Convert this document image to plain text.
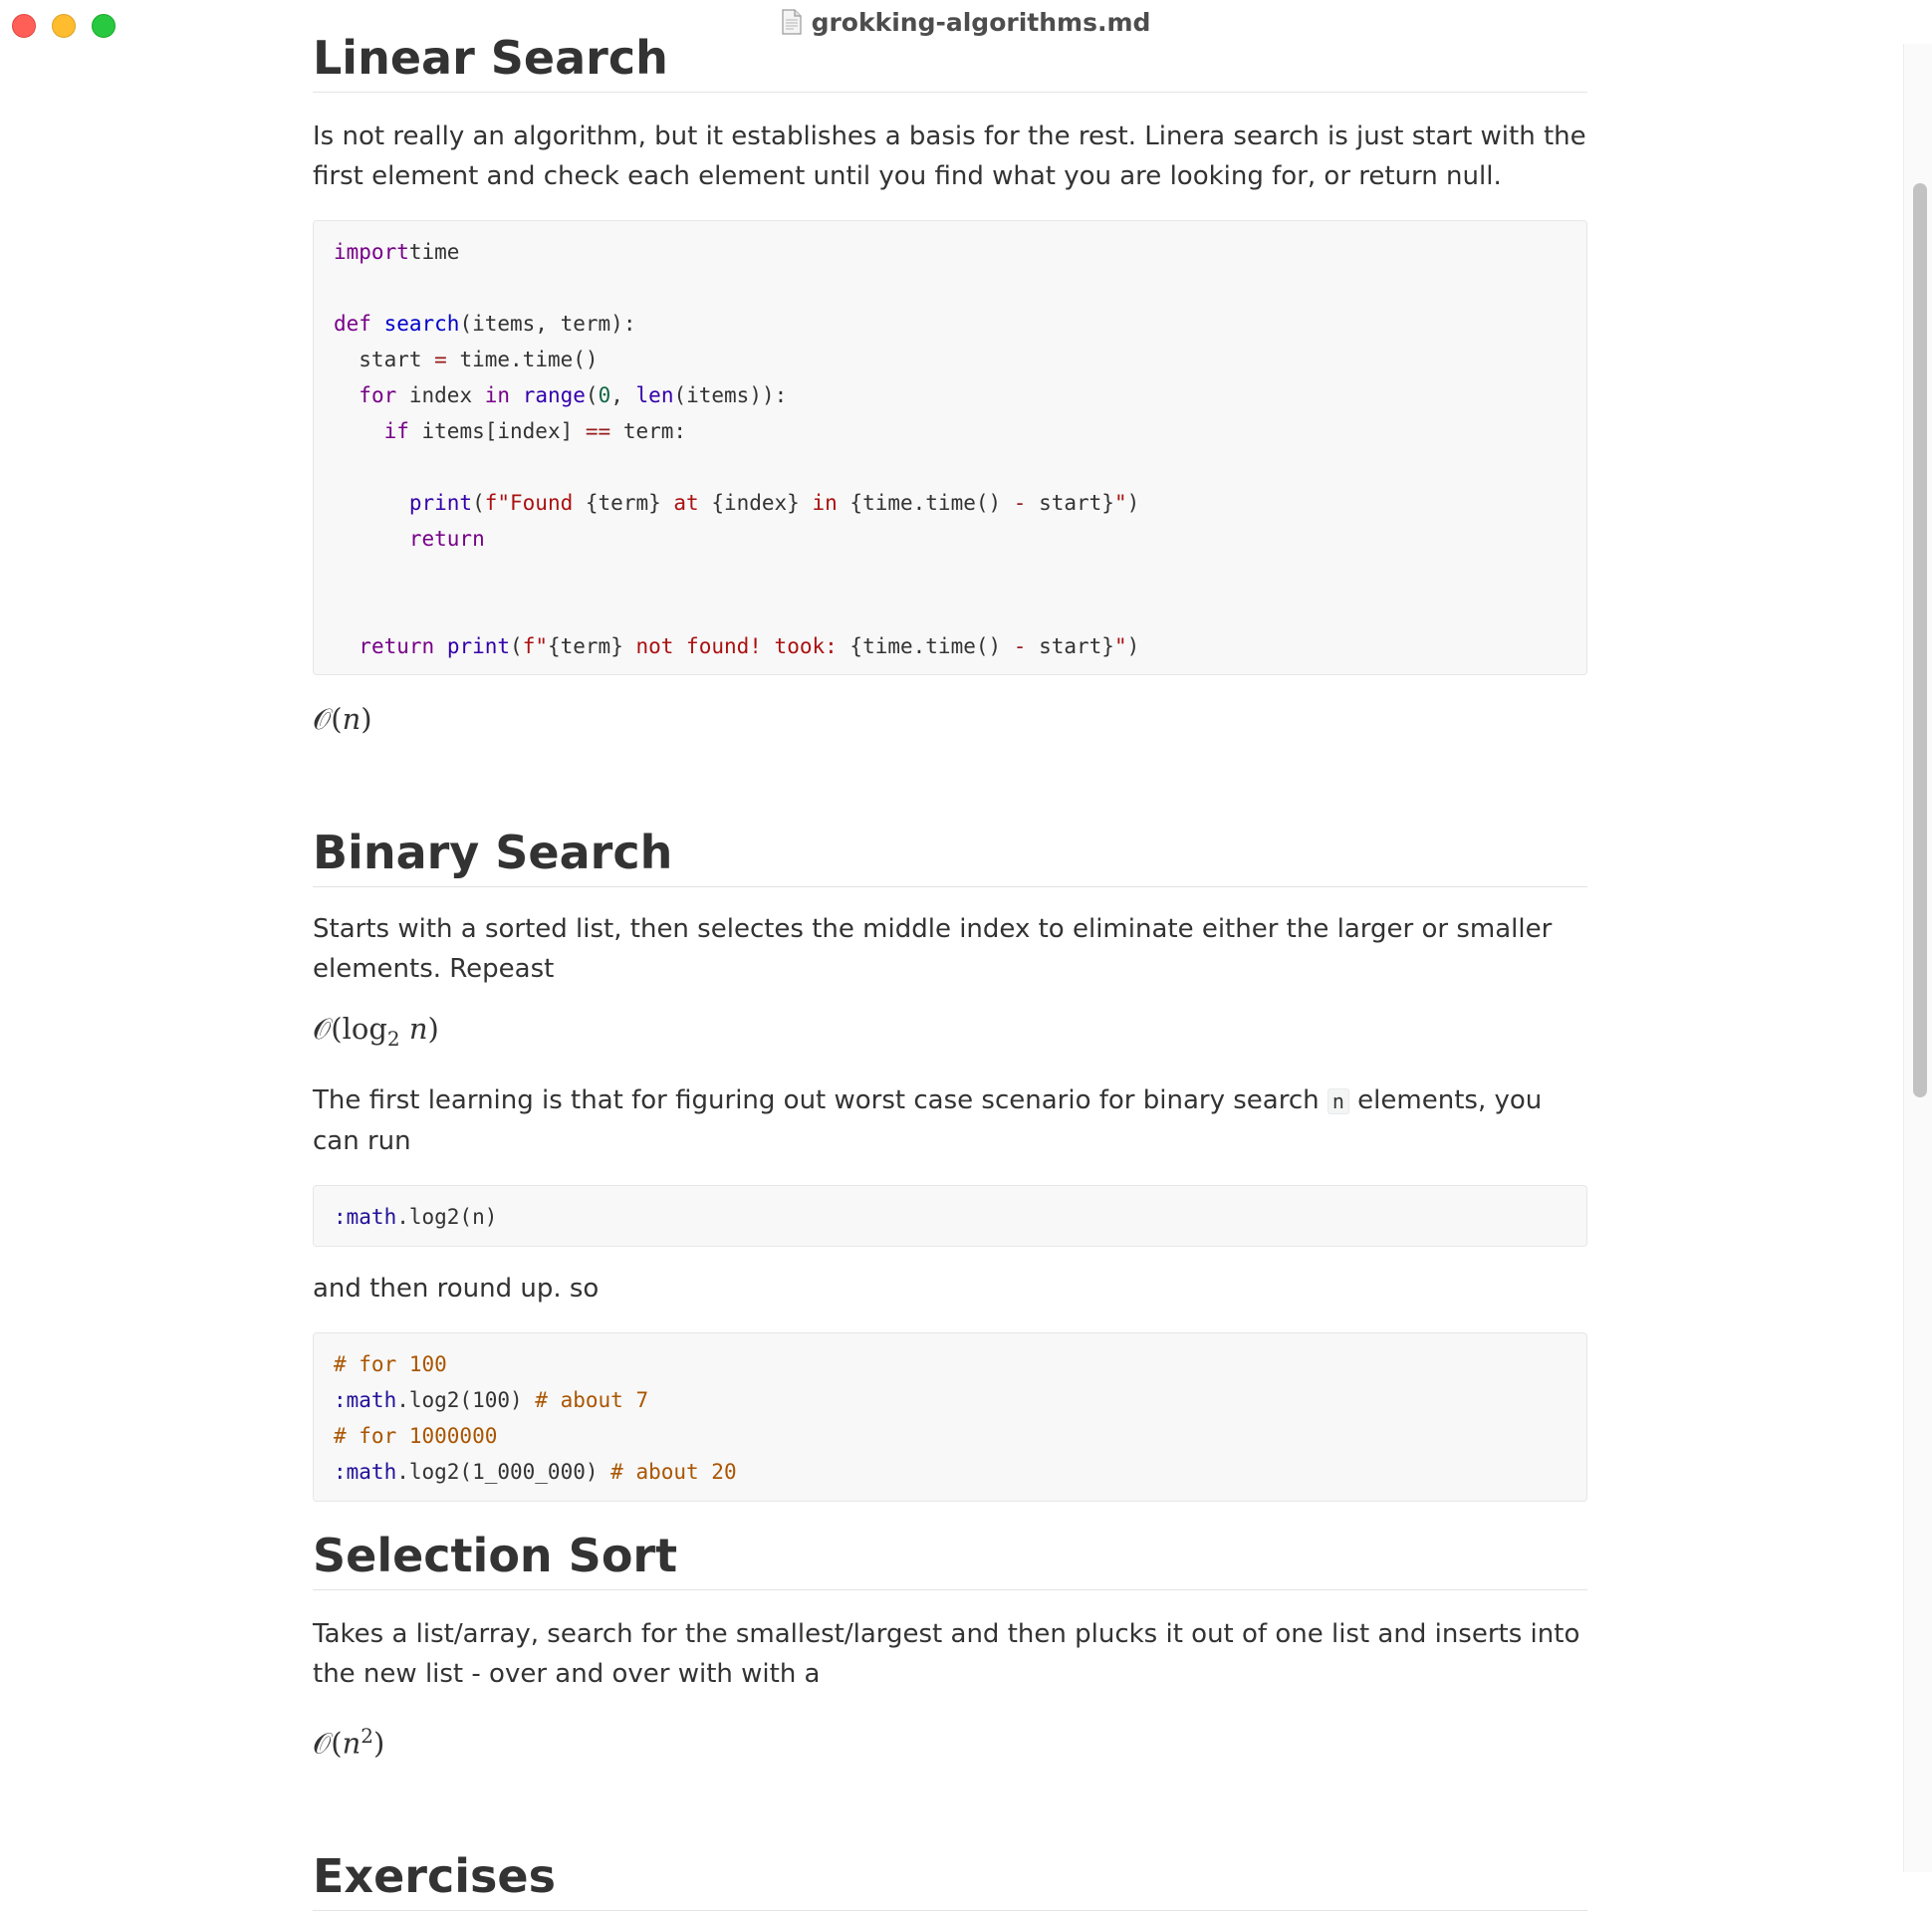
grokking-algorithms.md
Linear Search

Is not really an algorithm, but it establishes a basis for the rest. Linera search is just start with the first element and check each element until you find what you are looking for, or return null.

importtime
def search(items, term):
start = time.time()
for index in range(0, len(items)):
if items[index] == term:
print(f"Found {term} at {index} in {time.time() - start}")
return
return print(f"{term} not found! took: {time.time() - start}")
𝒪(n)
Binary Search

Starts with a sorted list, then selectes the middle index to eliminate either the larger or smaller elements. Repeast

$𝒪(\log_2$ n)

The first learning is that for figuring out worst case scenario for binary search n elements, you can run

:math.log2(n)

and then round up. so

# for 100
:math.log2(100) # about 7
# for 1000000
:math.log2(1_000_000) # about 20
Selection Sort

Takes a list/array, search for the smallest/largest and then plucks it out of one list and inserts into the new list - over and over with with a

$𝒪(n^2)$
Exercises
